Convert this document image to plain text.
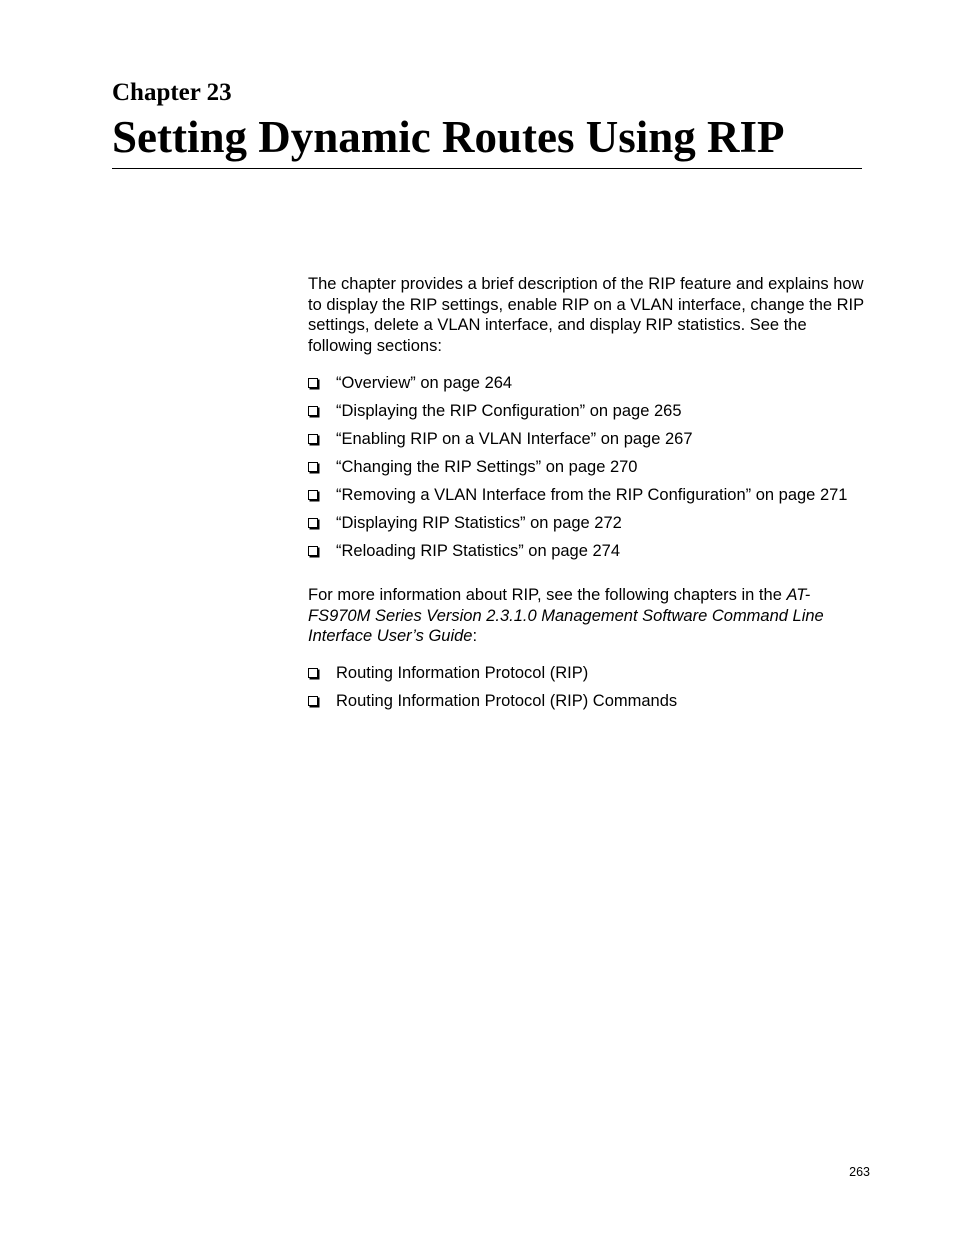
Chapter 23
Setting Dynamic Routes Using RIP

The chapter provides a brief description of the RIP feature and explains how to display the RIP settings, enable RIP on a VLAN interface, change the RIP settings, delete a VLAN interface, and display RIP statistics. See the following sections:

“Overview” on page 264
“Displaying the RIP Configuration” on page 265
“Enabling RIP on a VLAN Interface” on page 267
“Changing the RIP Settings” on page 270
“Removing a VLAN Interface from the RIP Configuration” on page 271
“Displaying RIP Statistics” on page 272
“Reloading RIP Statistics” on page 274

For more information about RIP, see the following chapters in the AT-FS970M Series Version 2.3.1.0 Management Software Command Line Interface User’s Guide:

Routing Information Protocol (RIP)
Routing Information Protocol (RIP) Commands
263
